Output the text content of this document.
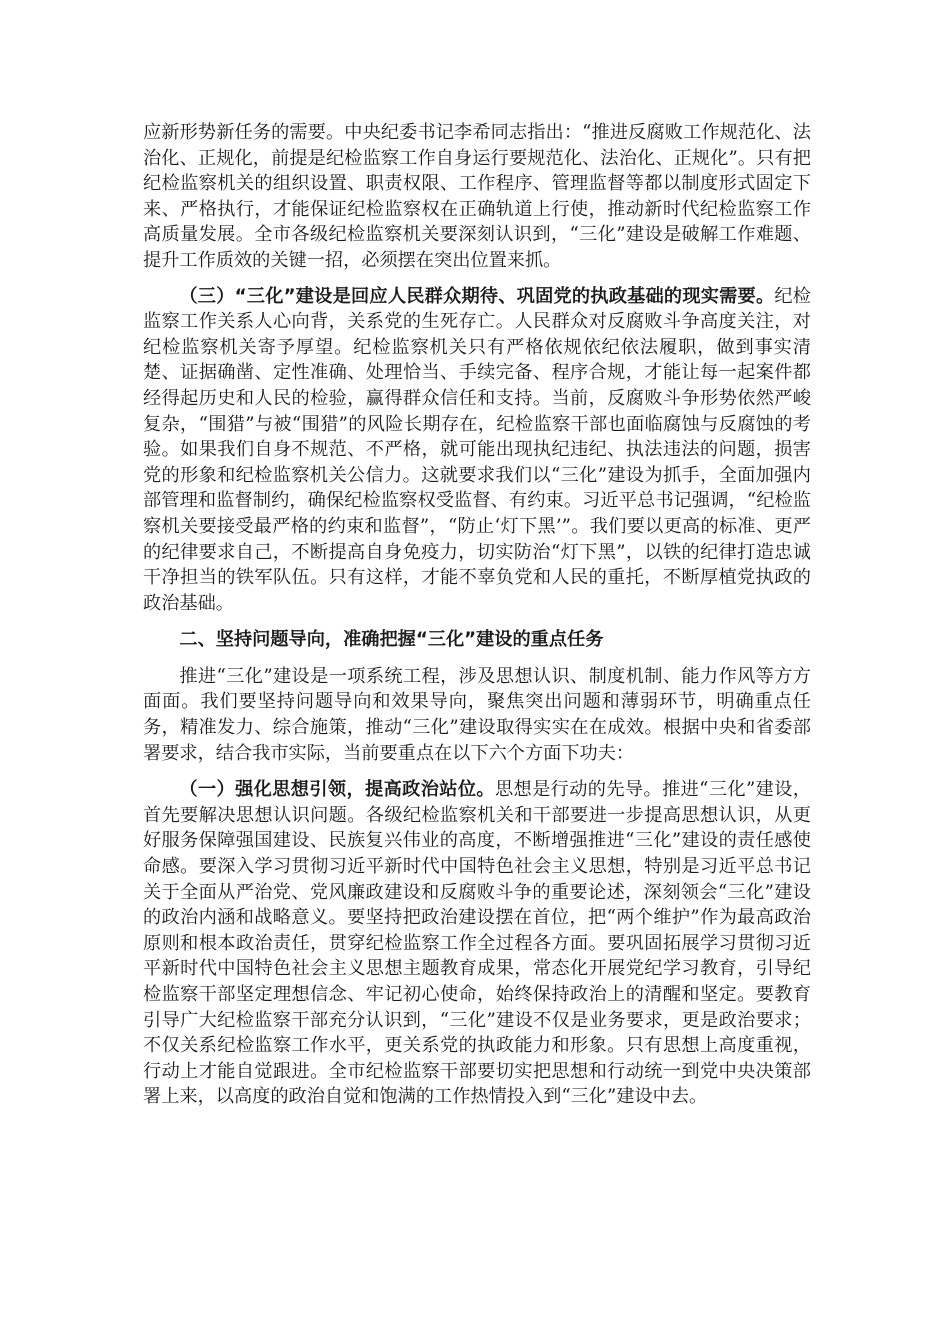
应新形势新任务的需要。中央纪委书记李希同志指出：“推进反腐败工作规范化、法治化、正规化，前提是纪检监察工作自身运行要规范化、法治化、正规化”。只有把纪检监察机关的组织设置、职责权限、工作程序、管理监督等都以制度形式固定下来、严格执行，才能保证纪检监察权在正确轨道上行使，推动新时代纪检监察工作高质量发展。全市各级纪检监察机关要深刻认识到，“三化”建设是破解工作难题、提升工作质效的关键一招，必须摆在突出位置来抓。

（三）“三化”建设是回应人民群众期待、巩固党的执政基础的现实需要。纪检监察工作关系人心向背，关系党的生死存亡。人民群众对反腐败斗争高度关注，对纪检监察机关寄予厚望。纪检监察机关只有严格依规依纪依法履职，做到事实清楚、证据确凿、定性准确、处理恰当、手续完备、程序合规，才能让每一起案件都经得起历史和人民的检验，赢得群众信任和支持。当前，反腐败斗争形势依然严峻复杂，“围猎”与被“围猎”的风险长期存在，纪检监察干部也面临腐蚀与反腐蚀的考验。如果我们自身不规范、不严格，就可能出现执纪违纪、执法违法的问题，损害党的形象和纪检监察机关公信力。这就要求我们以“三化”建设为抓手，全面加强内部管理和监督制约，确保纪检监察权受监督、有约束。习近平总书记强调，“纪检监察机关要接受最严格的约束和监督”，“防止‘灯下黑’”。我们要以更高的标准、更严的纪律要求自己，不断提高自身免疫力，切实防治“灯下黑”，以铁的纪律打造忠诚干净担当的铁军队伍。只有这样，才能不辜负党和人民的重托，不断厚植党执政的政治基础。

二、坚持问题导向，准确把握“三化”建设的重点任务

推进“三化”建设是一项系统工程，涉及思想认识、制度机制、能力作风等方方面面。我们要坚持问题导向和效果导向，聚焦突出问题和薄弱环节，明确重点任务，精准发力、综合施策，推动“三化”建设取得实实在在成效。根据中央和省委部署要求，结合我市实际，当前要重点在以下六个方面下功夫：

（一）强化思想引领，提高政治站位。思想是行动的先导。推进“三化”建设，首先要解决思想认识问题。各级纪检监察机关和干部要进一步提高思想认识，从更好服务保障强国建设、民族复兴伟业的高度，不断增强推进“三化”建设的责任感使命感。要深入学习贯彻习近平新时代中国特色社会主义思想，特别是习近平总书记关于全面从严治党、党风廉政建设和反腐败斗争的重要论述，深刻领会“三化”建设的政治内涵和战略意义。要坚持把政治建设摆在首位，把“两个维护”作为最高政治原则和根本政治责任，贯穿纪检监察工作全过程各方面。要巩固拓展学习贯彻习近平新时代中国特色社会主义思想主题教育成果，常态化开展党纪学习教育，引导纪检监察干部坚定理想信念、牢记初心使命，始终保持政治上的清醒和坚定。要教育引导广大纪检监察干部充分认识到，“三化”建设不仅是业务要求，更是政治要求；不仅关系纪检监察工作水平，更关系党的执政能力和形象。只有思想上高度重视，行动上才能自觉跟进。全市纪检监察干部要切实把思想和行动统一到党中央决策部署上来，以高度的政治自觉和饱满的工作热情投入到“三化”建设中去。
